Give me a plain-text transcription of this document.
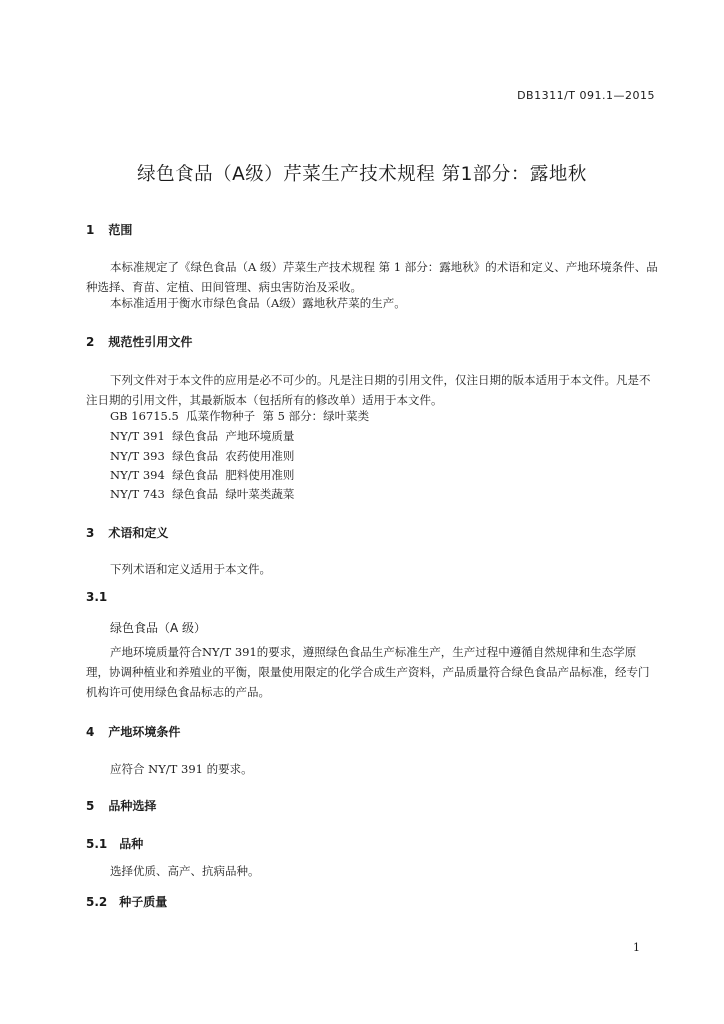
DB1311/T 091.1—2015
绿色食品（A级）芹菜生产技术规程 第1部分：露地秋
1 范围
本标准规定了《绿色食品（A 级）芹菜生产技术规程 第 1 部分：露地秋》的术语和定义、产地环境条件、品种选择、育苗、定植、田间管理、病虫害防治及采收。
本标准适用于衡水市绿色食品（A级）露地秋芹菜的生产。
2 规范性引用文件
下列文件对于本文件的应用是必不可少的。凡是注日期的引用文件，仅注日期的版本适用于本文件。凡是不注日期的引用文件，其最新版本（包括所有的修改单）适用于本文件。
GB 16715.5  瓜菜作物种子  第 5 部分：绿叶菜类
NY/T 391  绿色食品  产地环境质量
NY/T 393  绿色食品  农药使用准则
NY/T 394  绿色食品  肥料使用准则
NY/T 743  绿色食品  绿叶菜类蔬菜
3 术语和定义
下列术语和定义适用于本文件。
3.1
绿色食品（A 级）
产地环境质量符合NY/T 391的要求，遵照绿色食品生产标准生产，生产过程中遵循自然规律和生态学原理，协调种植业和养殖业的平衡，限量使用限定的化学合成生产资料，产品质量符合绿色食品产品标准，经专门机构许可使用绿色食品标志的产品。
4 产地环境条件
应符合 NY/T 391 的要求。
5 品种选择
5.1 品种
选择优质、高产、抗病品种。
5.2 种子质量
1
